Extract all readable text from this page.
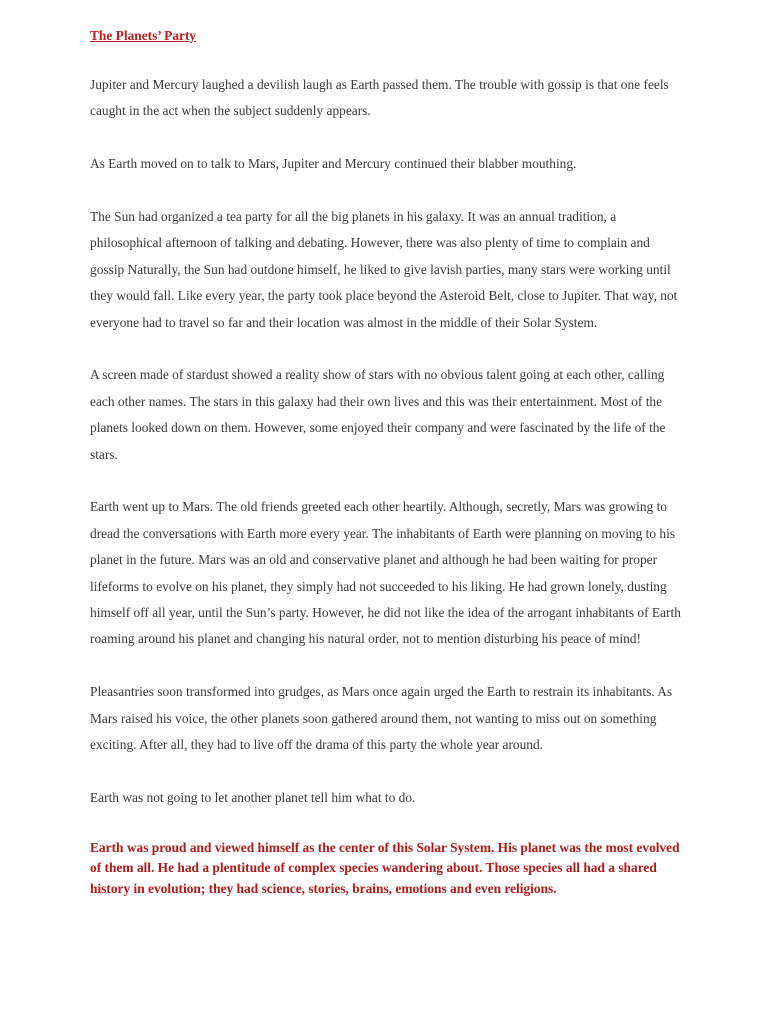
The Planets’ Party

Jupiter and Mercury laughed a devilish laugh as Earth passed them. The trouble with gossip is that one feels caught in the act when the subject suddenly appears.

As Earth moved on to talk to Mars, Jupiter and Mercury continued their blabber mouthing.

The Sun had organized a tea party for all the big planets in his galaxy. It was an annual tradition, a philosophical afternoon of talking and debating. However, there was also plenty of time to complain and gossip Naturally, the Sun had outdone himself, he liked to give lavish parties, many stars were working until they would fall. Like every year, the party took place beyond the Asteroid Belt, close to Jupiter. That way, not everyone had to travel so far and their location was almost in the middle of their Solar System.

A screen made of stardust showed a reality show of stars with no obvious talent going at each other, calling each other names. The stars in this galaxy had their own lives and this was their entertainment. Most of the planets looked down on them. However, some enjoyed their company and were fascinated by the life of the stars.

Earth went up to Mars. The old friends greeted each other heartily. Although, secretly, Mars was growing to dread the conversations with Earth more every year. The inhabitants of Earth were planning on moving to his planet in the future. Mars was an old and conservative planet and although he had been waiting for proper lifeforms to evolve on his planet, they simply had not succeeded to his liking. He had grown lonely, dusting himself off all year, until the Sun’s party. However, he did not like the idea of the arrogant inhabitants of Earth roaming around his planet and changing his natural order, not to mention disturbing his peace of mind!

Pleasantries soon transformed into grudges, as Mars once again urged the Earth to restrain its inhabitants. As Mars raised his voice, the other planets soon gathered around them, not wanting to miss out on something exciting. After all, they had to live off the drama of this party the whole year around.

Earth was not going to let another planet tell him what to do.

Earth was proud and viewed himself as the center of this Solar System. His planet was the most evolved of them all. He had a plentitude of complex species wandering about. Those species all had a shared history in evolution; they had science, stories, brains, emotions and even religions.
